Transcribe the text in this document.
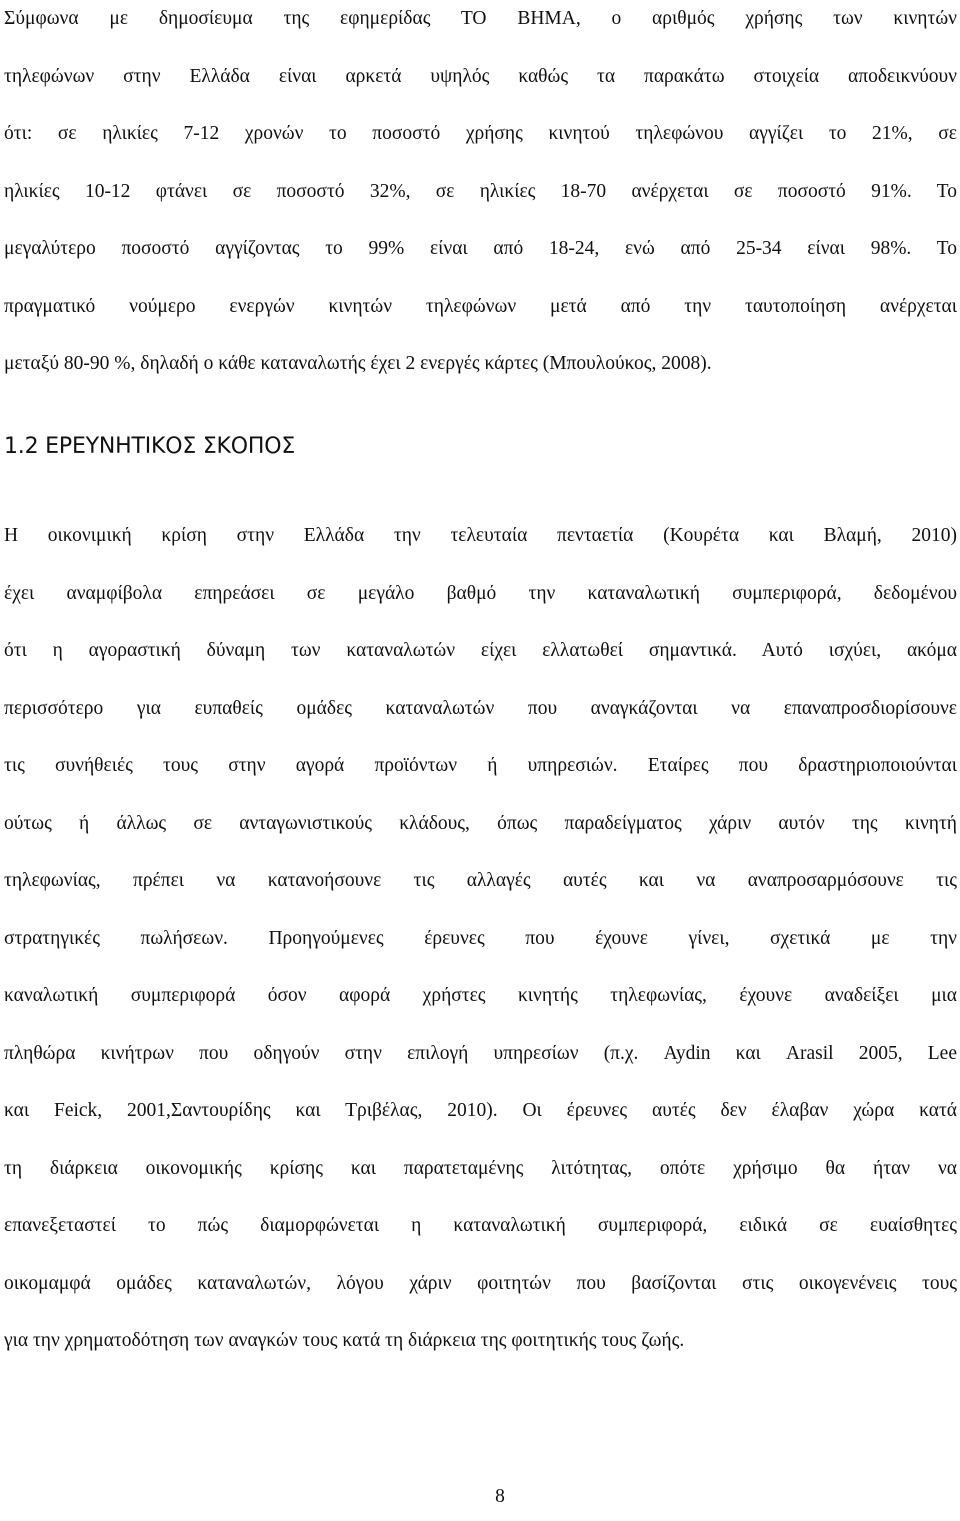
Σύμφωνα με δημοσίευμα της εφημερίδας ΤΟ ΒΗΜΑ, ο αριθμός χρήσης των κινητών
τηλεφώνων στην Ελλάδα είναι αρκετά υψηλός καθώς τα παρακάτω στοιχεία αποδεικνύουν
ότι: σε ηλικίες 7-12 χρονών το ποσοστό χρήσης κινητού τηλεφώνου αγγίζει το 21%, σε
ηλικίες 10-12 φτάνει σε ποσοστό 32%, σε ηλικίες 18-70 ανέρχεται σε ποσοστό 91%. Το
μεγαλύτερο ποσοστό αγγίζοντας το 99% είναι από 18-24, ενώ από 25-34 είναι 98%. Το
πραγματικό νούμερο ενεργών κινητών τηλεφώνων μετά από την ταυτοποίηση ανέρχεται
μεταξύ 80-90 %, δηλαδή ο κάθε καταναλωτής έχει 2 ενεργές κάρτες (Μπουλούκος, 2008).
1.2 ΕΡΕΥΝΗΤΙΚΟΣ ΣΚΟΠΟΣ
Η οικονιμική κρίση στην Ελλάδα την τελευταία πενταετία (Κουρέτα και Βλαμή, 2010)
έχει αναμφίβολα επηρεάσει σε μεγάλο βαθμό την καταναλωτική συμπεριφορά, δεδομένου
ότι η αγοραστική δύναμη των καταναλωτών είχει ελλατωθεί σημαντικά. Αυτό ισχύει, ακόμα
περισσότερο για ευπαθείς ομάδες καταναλωτών που αναγκάζονται να επαναπροσδιορίσουνε
τις συνήθειές τους στην αγορά προϊόντων ή υπηρεσιών. Εταίρες που δραστηριοποιούνται
ούτως ή άλλως σε ανταγωνιστικούς κλάδους, όπως παραδείγματος χάριν αυτόν της κινητή
τηλεφωνίας, πρέπει να κατανοήσουνε τις αλλαγές αυτές και να αναπροσαρμόσουνε τις
στρατηγικές πωλήσεων. Προηγούμενες έρευνες που έχουνε γίνει, σχετικά με την
καναλωτική συμπεριφορά όσον αφορά χρήστες κινητής τηλεφωνίας, έχουνε αναδείξει μια
πληθώρα κινήτρων που οδηγούν στην επιλογή υπηρεσίων (π.χ. Aydin και Arasil 2005, Lee
και Feick, 2001,Σαντουρίδης και Τριβέλας, 2010). Οι έρευνες αυτές δεν έλαβαν χώρα κατά
τη διάρκεια οικονομικής κρίσης και παρατεταμένης λιτότητας, οπότε χρήσιμο θα ήταν να
επανεξεταστεί το πώς διαμορφώνεται η καταναλωτική συμπεριφορά, ειδικά σε ευαίσθητες
οικομαμφά ομάδες καταναλωτών, λόγου χάριν φοιτητών που βασίζονται στις οικογενένεις τους
για την χρηματοδότηση των αναγκών τους κατά τη διάρκεια της φοιτητικής τους ζωής.
8
